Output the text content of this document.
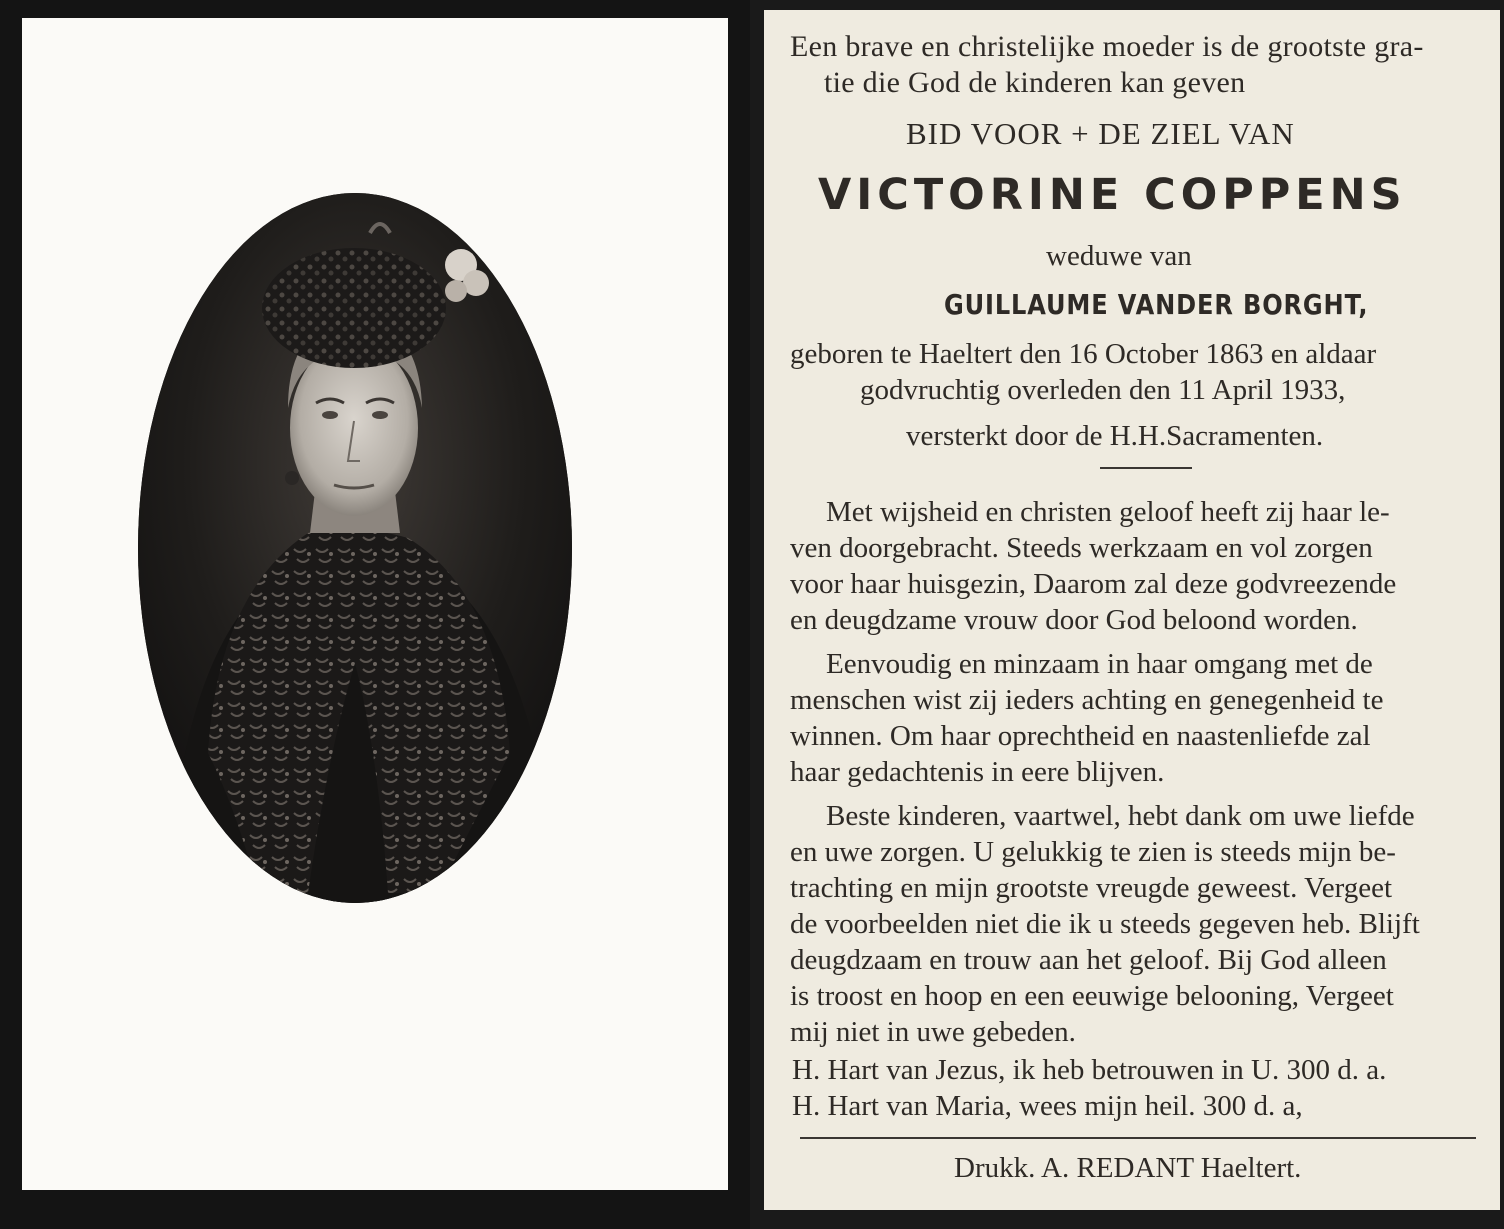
Een brave en christelijke moeder is de grootste gra-
tie die God de kinderen kan geven
BID VOOR + DE ZIEL VAN
VICTORINE COPPENS
weduwe van
GUILLAUME VANDER BORGHT,
geboren te Haeltert den 16 October 1863 en aldaar
godvruchtig overleden den 11 April 1933,
versterkt door de H.H.Sacramenten.
Met wijsheid en christen geloof heeft zij haar le-
ven doorgebracht. Steeds werkzaam en vol zorgen
voor haar huisgezin, Daarom zal deze godvreezende
en deugdzame vrouw door God beloond worden.
Eenvoudig en minzaam in haar omgang met de
menschen wist zij ieders achting en genegenheid te
winnen. Om haar oprechtheid en naastenliefde zal
haar gedachtenis in eere blijven.
Beste kinderen, vaartwel, hebt dank om uwe liefde
en uwe zorgen. U gelukkig te zien is steeds mijn be-
trachting en mijn grootste vreugde geweest. Vergeet
de voorbeelden niet die ik u steeds gegeven heb. Blijft
deugdzaam en trouw aan het geloof. Bij God alleen
is troost en hoop en een eeuwige belooning, Vergeet
mij niet in uwe gebeden.
H. Hart van Jezus, ik heb betrouwen in U. 300 d. a.
H. Hart van Maria, wees mijn heil. 300 d. a,
Drukk. A. REDANT Haeltert.
